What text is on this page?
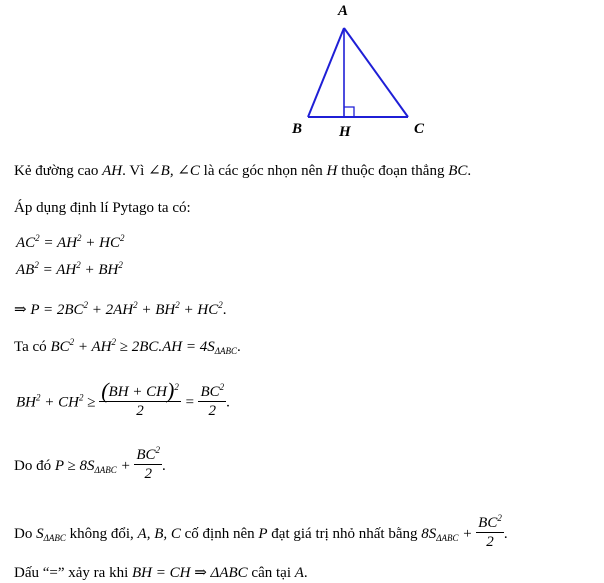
A
B H	C
Kẻ đường cao AH. Vì ∠B, ∠C là các góc nhọn nên H thuộc đoạn thẳng BC.
Áp dụng định lí Pytago ta có:
$AC^2 = AH^2 + HC^2$
$AB^2 = AH^2 + BH^2$
⇒ $P = 2BC^2 + 2AH^2 + BH^2 + HC^2$.
Ta có $BC^2 + AH^2 \ge 2BC.AH = 4S_{\Delta ABC}$.
$BH^2 + CH^2 \ge \frac{(BH + CH)^2}{2} = \frac{BC^2}{2}$ .
Do đó $P \ge 8S_{\Delta ABC} + \frac{BC^2}{2}$ .
Do $S_{\Delta ABC}$ không đổi, A, B, C cố định nên P đạt giá trị nhỏ nhất bằng $8S_{\Delta ABC} + \frac{BC^2}{2}$ .
Dấu “=” xảy ra khi BH = CH ⇒ ΔABC cân tại A.
